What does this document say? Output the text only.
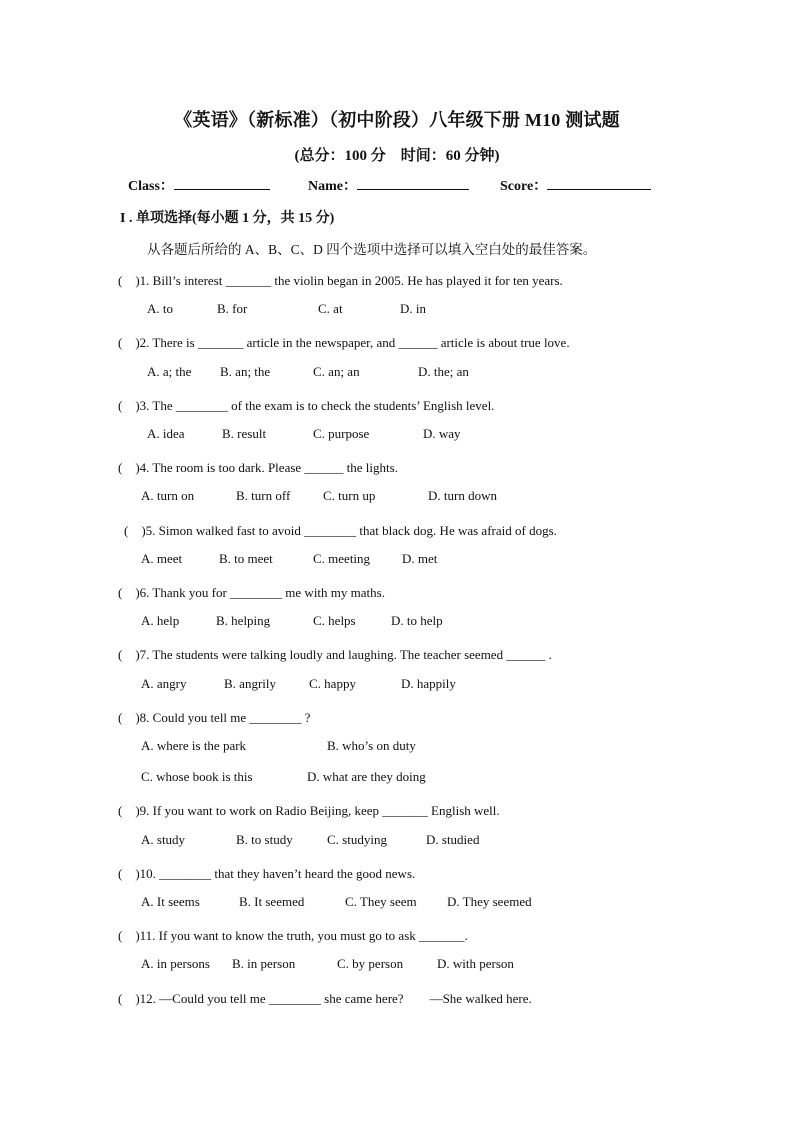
《英语》（新标准）（初中阶段）八年级下册 M10 测试题
(总分：100 分　时间：60 分钟)
Class：	Name：	Score：
I . 单项选择(每小题 1 分，共 15 分)
从各题后所给的 A、B、C、D 四个选项中选择可以填入空白处的最佳答案。
(　)1. Bill’s interest _______ the violin began in 2005. He has played it for ten years.
A. to	B. for	C. at	D. in
(　)2. There is _______ article in the newspaper, and ______ article is about true love.
A. a; the B. an; the	C. an; an	D. the; an
(　)3. The ________ of the exam is to check the students’ English level.
A. idea	B. result	C. purpose	D. way
(　)4. The room is too dark. Please ______ the lights.
A. turn on	B. turn off	C. turn up	D. turn down
(　)5. Simon walked fast to avoid ________ that black dog. He was afraid of dogs.
A. meet	B. to meet	C. meeting D. met
(　)6. Thank you for ________ me with my maths.
A. help	B. helping	C. helps	D. to help
(　)7. The students were talking loudly and laughing. The teacher seemed ______ .
A. angry	B. angrily	C. happy	D. happily
(　)8. Could you tell me ________ ?
A. where is the park	B. who’s on duty
C. whose book is this	D. what are they doing
(　)9. If you want to work on Radio Beijing, keep _______ English well.
A. study	B. to study	C. studying	D. studied
(　)10. ________ that they haven’t heard the good news.
A. It seems	B. It seemed	C. They seem D. They seemed
(　)11. If you want to know the truth, you must go to ask _______.
A. in persons B. in person	C. by person	D. with person
(　)12. —Could you tell me ________ she came here?　　—She walked here.
